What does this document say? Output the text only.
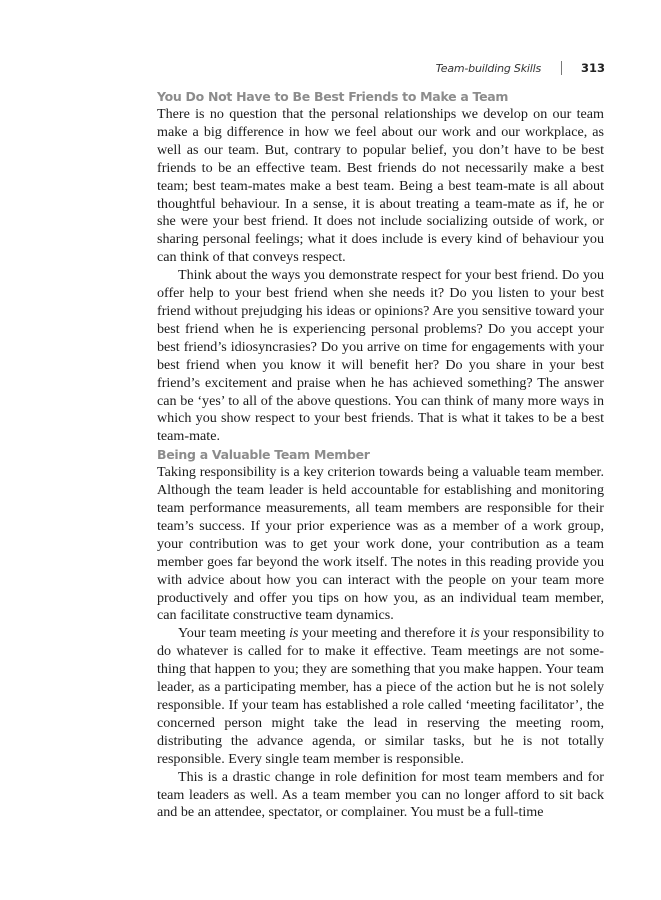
Team-building Skills	313
You Do Not Have to Be Best Friends to Make a Team

There is no question that the personal relationships we develop on our team make a big difference in how we feel about our work and our workplace, as well as our team. But, contrary to popular belief, you don’t have to be best friends to be an effective team. Best friends do not necessarily make a best team; best team-mates make a best team. Being a best team-mate is all about thoughtful behaviour. In a sense, it is about treating a team-mate as if, he or she were your best friend. It does not include socializing outside of work, or sharing personal feelings; what it does include is every kind of behaviour you can think of that conveys respect.

Think about the ways you demonstrate respect for your best friend. Do you offer help to your best friend when she needs it? Do you listen to your best friend without prejudging his ideas or opinions? Are you sensitive toward your best friend when he is experiencing personal problems? Do you accept your best friend’s idiosyncrasies? Do you arrive on time for engagements with your best friend when you know it will benefit her? Do you share in your best friend’s excitement and praise when he has achieved something? The answer can be ‘yes’ to all of the above questions. You can think of many more ways in which you show respect to your best friends. That is what it takes to be a best team-mate.

Being a Valuable Team Member

Taking responsibility is a key criterion towards being a valuable team member. Although the team leader is held accountable for establishing and monitoring team performance measurements, all team members are responsible for their team’s success. If your prior experience was as a member of a work group, your contribution was to get your work done, your contribution as a team member goes far beyond the work itself. The notes in this reading provide you with advice about how you can interact with the people on your team more productively and offer you tips on how you, as an individual team member, can facilitate constructive team dynamics.

Your team meeting is your meeting and therefore it is your responsibility to do whatever is called for to make it effective. Team meetings are not something that happen to you; they are something that you make happen. Your team leader, as a participating member, has a piece of the action but he is not solely responsible. If your team has established a role called ‘meeting facilitator’, the concerned person might take the lead in reserving the meeting room, distributing the advance agenda, or similar tasks, but he is not totally responsible. Every single team member is responsible.

This is a drastic change in role definition for most team members and for team leaders as well. As a team member you can no longer afford to sit back and be an attendee, spectator, or complainer. You must be a full-time
